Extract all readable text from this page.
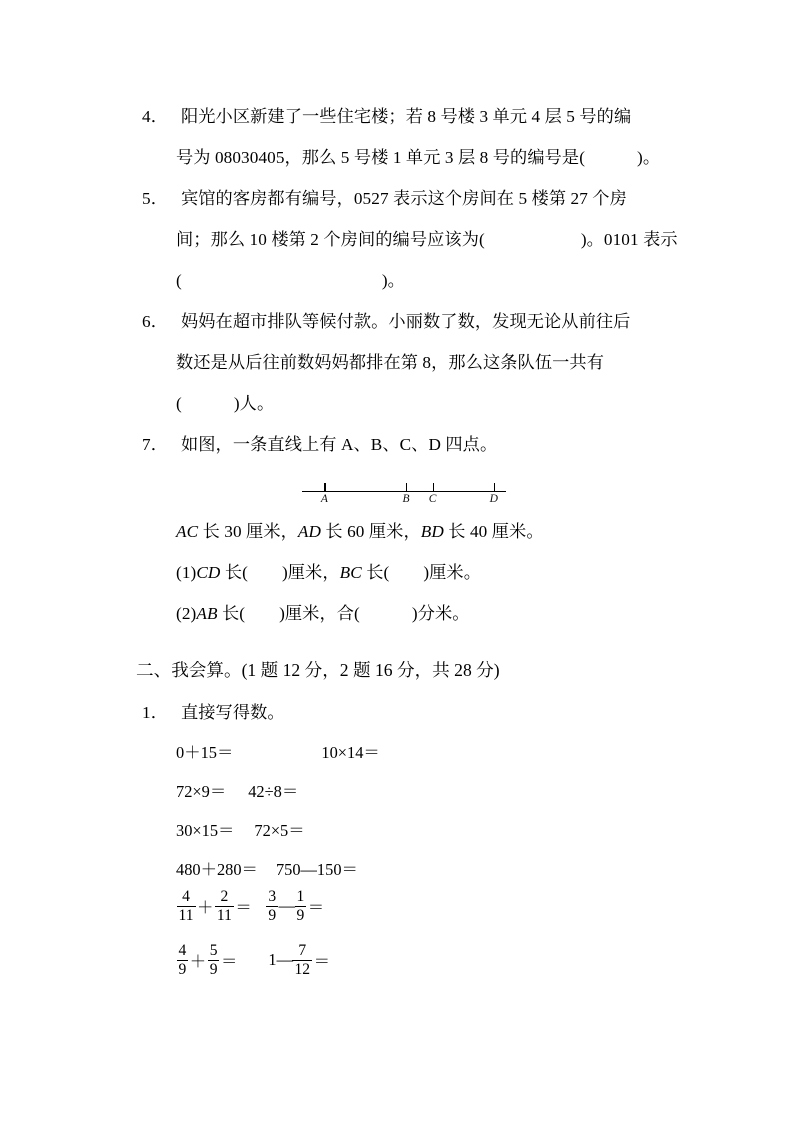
4． 阳光小区新建了一些住宅楼；若 8 号楼 3 单元 4 层 5 号的编
号为 08030405，那么 5 号楼 1 单元 3 层 8 号的编号是(	)。
5． 宾馆的客房都有编号，0527 表示这个房间在 5 楼第 27 个房
间；那么 10 楼第 2 个房间的编号应该为(	)。0101 表示
(	)。
6． 妈妈在超市排队等候付款。小丽数了数，发现无论从前往后
数还是从后往前数妈妈都排在第 8，那么这条队伍一共有
(	)人。
7． 如图，一条直线上有 A、B、C、D 四点。
A	B C	D
AC 长 30 厘米，AD 长 60 厘米，BD 长 40 厘米。
(1)CD 长( )厘米，BC 长( )厘米。
(2)AB 长( )厘米，合(	)分米。
二、我会算。(1 题 12 分，2 题 16 分，共 28 分)
1． 直接写得数。
0＋15＝	10×14＝
72×9＝ 42÷8＝
30×15＝ 72×5＝
480＋280＝ 750—150＝
$\frac{4}{11} + \frac{2}{11} = \frac{3}{9}$ — $\frac{1}{9}$ ＝
$\frac{4}{9} + \frac{5}{9}$ ＝ 1— $\frac{7}{12}$ ＝
